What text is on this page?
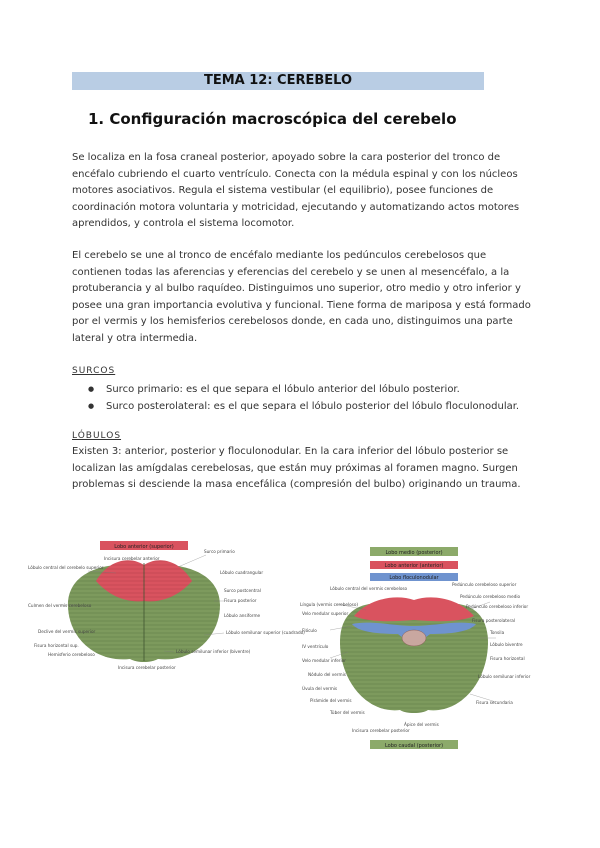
TEMA 12: CEREBELO
1. Configuración macroscópica del cerebelo
Se localiza en la fosa craneal posterior, apoyado sobre la cara posterior del tronco de encéfalo cubriendo el cuarto ventrículo. Conecta con la médula espinal y con los núcleos motores asociativos. Regula el sistema vestibular (el equilibrio), posee funciones de coordinación motora voluntaria y motricidad, ejecutando y automatizando actos motores aprendidos, y controla el sistema locomotor.
El cerebelo se une al tronco de encéfalo mediante los pedúnculos cerebelosos que contienen todas las aferencias y eferencias del cerebelo y se unen al mesencéfalo, a la protuberancia y al bulbo raquídeo. Distinguimos uno superior, otro medio y otro inferior y posee una gran importancia evolutiva y funcional. Tiene forma de mariposa y está formado por el vermis y los hemisferios cerebelosos donde, en cada uno, distinguimos una parte lateral y otra intermedia.
SURCOS
● Surco primario: es el que separa el lóbulo anterior del lóbulo posterior.
● Surco posterolateral: es el que separa el lóbulo posterior del lóbulo floculonodular.
LÓBULOS
Existen 3: anterior, posterior y floculonodular. En la cara inferior del lóbulo posterior se localizan las amígdalas cerebelosas, que están muy próximas al foramen magno. Surgen problemas si desciende la masa encefálica (compresión del bulbo) originando un trauma.
Lobo anterior (superior)
Incisura cerebelar anterior
Lóbulo central del cerebelo superior
Culmen del vermis cerebeloso
Declive del vermis superior
Fisura horizontal sup.
Hemisferio cerebeloso
Surco primario
Lóbulo cuadrangular
Surco postcentral
Fisura posterior
Lóbulo ansiforme
Lóbulo semilunar superior (cuadrado)
Lóbulo semilunar inferior (bíventre)
Incisura cerebelar posterior
Lobo medio (posterior)
Lobo anterior (anterior)
Lobo floculonodular
Lobo caudal (posterior)
Lóbulo central del vermis cerebeloso
Língula (vermis cerebeloso)
Velo medular superior
Flóculo
IV ventrículo
Velo medular inferior
Nódulo del vermis
Úvula del vermis
Pirámide del vermis
Túber del vermis
Incisura cerebelar posterior
Pedúnculo cerebeloso superior
Pedúnculo cerebeloso medio
Pedúnculo cerebeloso inferior
Fisura posterolateral
Tonsila
Lóbulo biventre
Fisura horizontal
Lóbulo semilunar inferior
Fisura secundaria
Ápice del vermis
